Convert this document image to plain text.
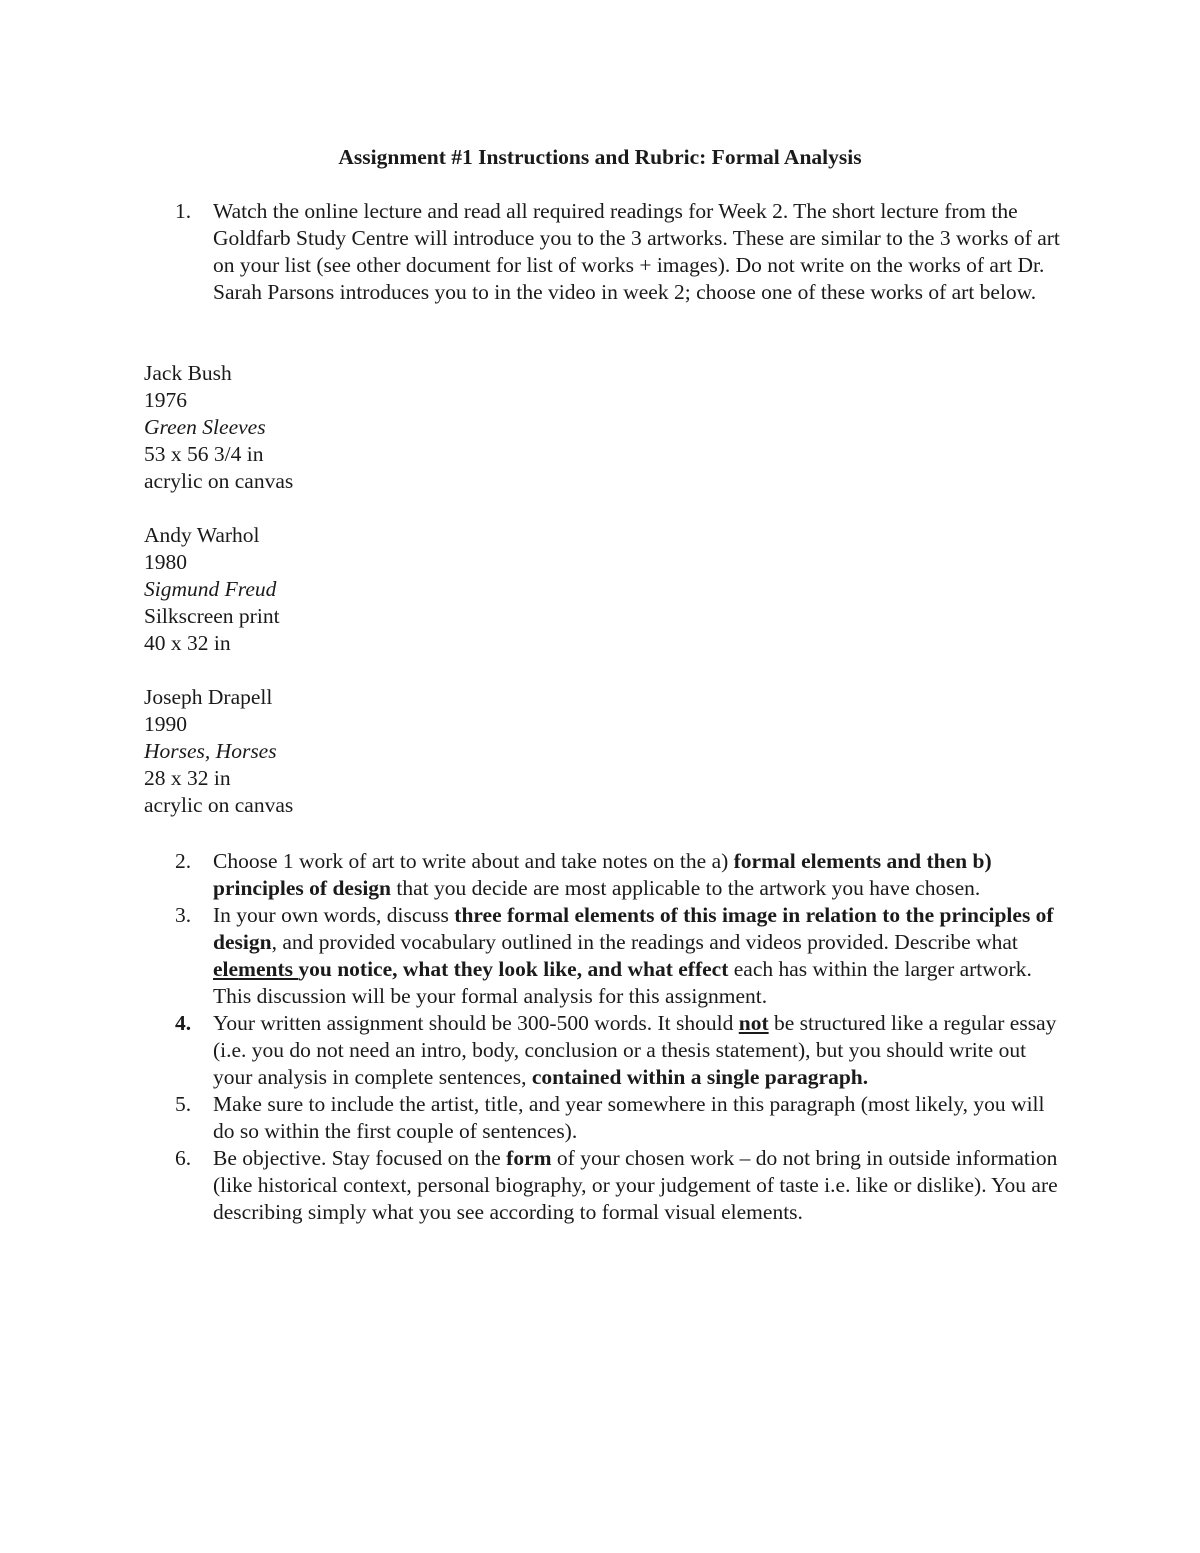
Assignment #1 Instructions and Rubric: Formal Analysis

1. Watch the online lecture and read all required readings for Week 2. The short lecture from the Goldfarb Study Centre will introduce you to the 3 artworks. These are similar to the 3 works of art on your list (see other document for list of works + images). Do not write on the works of art Dr. Sarah Parsons introduces you to in the video in week 2; choose one of these works of art below.

Jack Bush
1976
Green Sleeves
53 x 56 3/4 in
acrylic on canvas
Andy Warhol
1980
Sigmund Freud
Silkscreen print
40 x 32 in
Joseph Drapell
1990
Horses, Horses
28 x 32 in
acrylic on canvas

2. Choose 1 work of art to write about and take notes on the a) formal elements and then b) principles of design that you decide are most applicable to the artwork you have chosen.

3. In your own words, discuss three formal elements of this image in relation to the principles of design, and provided vocabulary outlined in the readings and videos provided. Describe what elements you notice, what they look like, and what effect each has within the larger artwork. This discussion will be your formal analysis for this assignment.

4. Your written assignment should be 300-500 words. It should not be structured like a regular essay (i.e. you do not need an intro, body, conclusion or a thesis statement), but you should write out your analysis in complete sentences, contained within a single paragraph.

5. Make sure to include the artist, title, and year somewhere in this paragraph (most likely, you will do so within the first couple of sentences).

6. Be objective. Stay focused on the form of your chosen work – do not bring in outside information (like historical context, personal biography, or your judgement of taste i.e. like or dislike). You are describing simply what you see according to formal visual elements.
